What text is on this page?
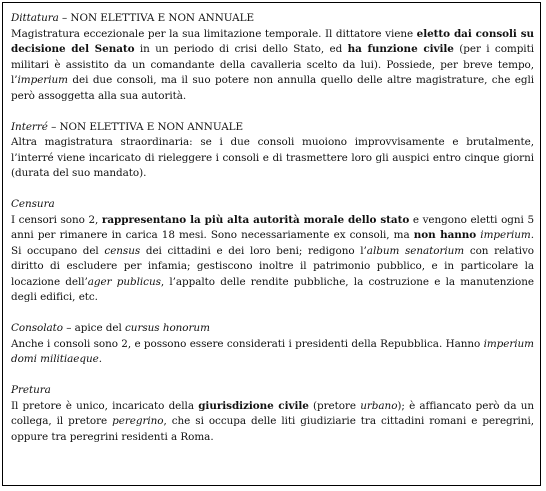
Dittatura – NON ELETTIVA E NON ANNUALE
Magistratura eccezionale per la sua limitazione temporale. Il dittatore viene eletto dai consoli su decisione del Senato in un periodo di crisi dello Stato, ed ha funzione civile (per i compiti militari è assistito da un comandante della cavalleria scelto da lui). Possiede, per breve tempo, l’imperium dei due consoli, ma il suo potere non annulla quello delle altre magistrature, che egli però assoggetta alla sua autorità.
Interré – NON ELETTIVA E NON ANNUALE
Altra magistratura straordinaria: se i due consoli muoiono improvvisamente e brutalmente, l’interré viene incaricato di rieleggere i consoli e di trasmettere loro gli auspici entro cinque giorni (durata del suo mandato).
Censura
I censori sono 2, rappresentano la più alta autorità morale dello stato e vengono eletti ogni 5 anni per rimanere in carica 18 mesi. Sono necessariamente ex consoli, ma non hanno imperium. Si occupano del census dei cittadini e dei loro beni; redigono l’album senatorium con relativo diritto di escludere per infamia; gestiscono inoltre il patrimonio pubblico, e in particolare la locazione dell’ager publicus, l’appalto delle rendite pubbliche, la costruzione e la manutenzione degli edifici, etc.
Consolato – apice del cursus honorum
Anche i consoli sono 2, e possono essere considerati i presidenti della Repubblica. Hanno imperium domi militiaeque.
Pretura
Il pretore è unico, incaricato della giurisdizione civile (pretore urbano); è affiancato però da un collega, il pretore peregrino, che si occupa delle liti giudiziarie tra cittadini romani e peregrini, oppure tra peregrini residenti a Roma.
